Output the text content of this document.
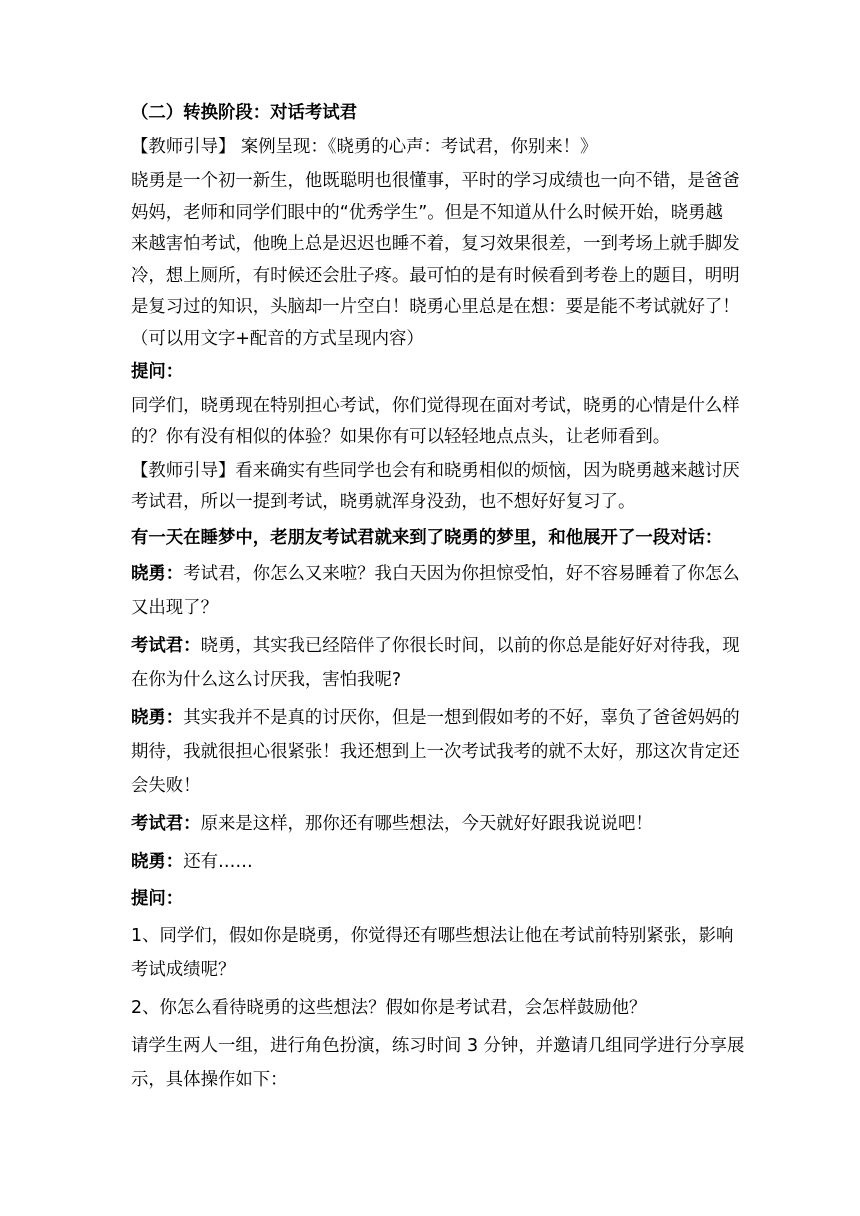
（二）转换阶段：对话考试君

【教师引导】 案例呈现：《晓勇的心声：考试君，你别来！》

晓勇是一个初一新生，他既聪明也很懂事，平时的学习成绩也一向不错，是爸爸
妈妈，老师和同学们眼中的“优秀学生”。但是不知道从什么时候开始，晓勇越
来越害怕考试，他晚上总是迟迟也睡不着，复习效果很差，一到考场上就手脚发
冷，想上厕所，有时候还会肚子疼。最可怕的是有时候看到考卷上的题目，明明
是复习过的知识，头脑却一片空白！晓勇心里总是在想：要是能不考试就好了！
（可以用文字+配音的方式呈现内容）

提问：

同学们，晓勇现在特别担心考试，你们觉得现在面对考试，晓勇的心情是什么样
的？你有没有相似的体验？如果你有可以轻轻地点点头，让老师看到。
【教师引导】看来确实有些同学也会有和晓勇相似的烦恼，因为晓勇越来越讨厌
考试君，所以一提到考试，晓勇就浑身没劲，也不想好好复习了。

有一天在睡梦中，老朋友考试君就来到了晓勇的梦里，和他展开了一段对话：

晓勇：考试君，你怎么又来啦？我白天因为你担惊受怕，好不容易睡着了你怎么
又出现了？
考试君：晓勇，其实我已经陪伴了你很长时间，以前的你总是能好好对待我，现
在你为什么这么讨厌我，害怕我呢?
晓勇：其实我并不是真的讨厌你，但是一想到假如考的不好，辜负了爸爸妈妈的
期待，我就很担心很紧张！我还想到上一次考试我考的就不太好，那这次肯定还
会失败！
考试君：原来是这样，那你还有哪些想法，今天就好好跟我说说吧！
晓勇：还有……

提问：

1、同学们，假如你是晓勇，你觉得还有哪些想法让他在考试前特别紧张，影响
考试成绩呢？
2、你怎么看待晓勇的这些想法？假如你是考试君，会怎样鼓励他？
请学生两人一组，进行角色扮演，练习时间 3 分钟，并邀请几组同学进行分享展
示，具体操作如下：
